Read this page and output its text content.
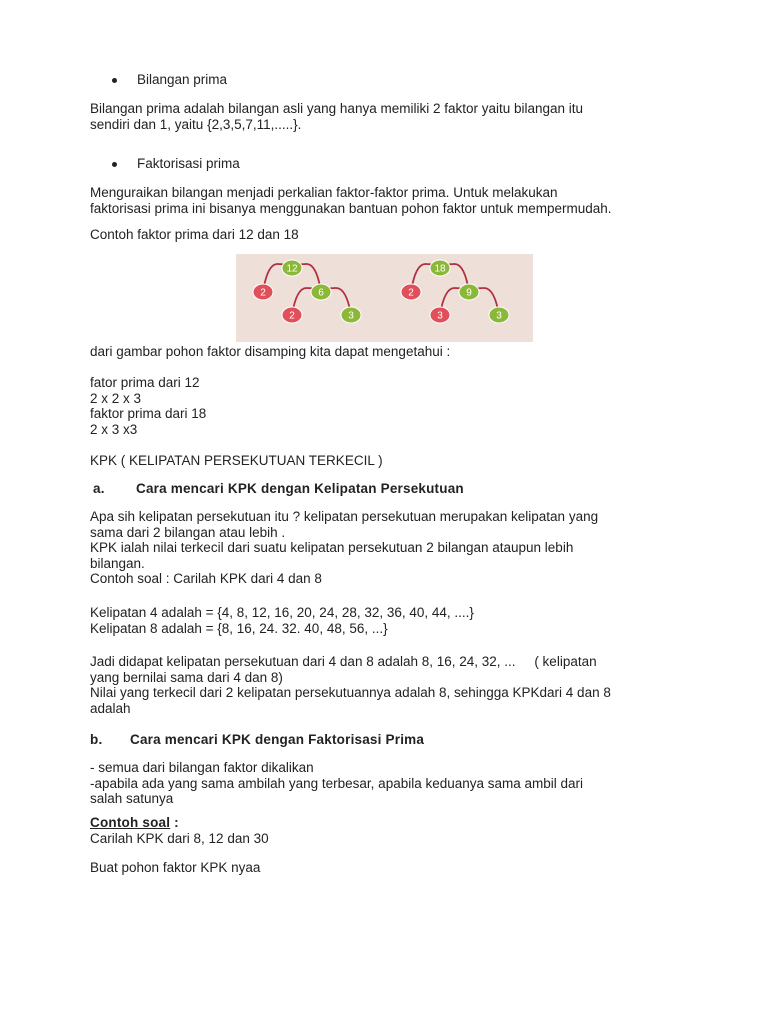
Bilangan prima
Bilangan prima adalah bilangan asli yang hanya memiliki 2 faktor yaitu bilangan itu
sendiri dan 1, yaitu {2,3,5,7,11,.....}.
Faktorisasi prima
Menguraikan bilangan menjadi perkalian faktor-faktor prima. Untuk melakukan
faktorisasi prima ini bisanya menggunakan bantuan pohon faktor untuk mempermudah.
Contoh faktor prima dari 12 dan 18
12
2	6
2	3
18
2	9
3	3
dari gambar pohon faktor disamping kita dapat mengetahui :
fator prima dari 12
2 x 2 x 3
faktor prima dari 18
2 x 3 x3
KPK ( KELIPATAN PERSEKUTUAN TERKECIL )
a. Cara mencari KPK dengan Kelipatan Persekutuan
Apa sih kelipatan persekutuan itu ? kelipatan persekutuan merupakan kelipatan yang
sama dari 2 bilangan atau lebih .
KPK ialah nilai terkecil dari suatu kelipatan persekutuan 2 bilangan ataupun lebih
bilangan.
Contoh soal : Carilah KPK dari 4 dan 8
Kelipatan 4 adalah = {4, 8, 12, 16, 20, 24, 28, 32, 36, 40, 44, ....}
Kelipatan 8 adalah = {8, 16, 24. 32. 40, 48, 56, ...}
Jadi didapat kelipatan persekutuan dari 4 dan 8 adalah 8, 16, 24, 32, ...     ( kelipatan
yang bernilai sama dari 4 dan 8)
Nilai yang terkecil dari 2 kelipatan persekutuannya adalah 8, sehingga KPKdari 4 dan 8
adalah
b. Cara mencari KPK dengan Faktorisasi Prima
- semua dari bilangan faktor dikalikan
-apabila ada yang sama ambilah yang terbesar, apabila keduanya sama ambil dari
salah satunya
Contoh soal :
Carilah KPK dari 8, 12 dan 30
Buat pohon faktor KPK nyaa
